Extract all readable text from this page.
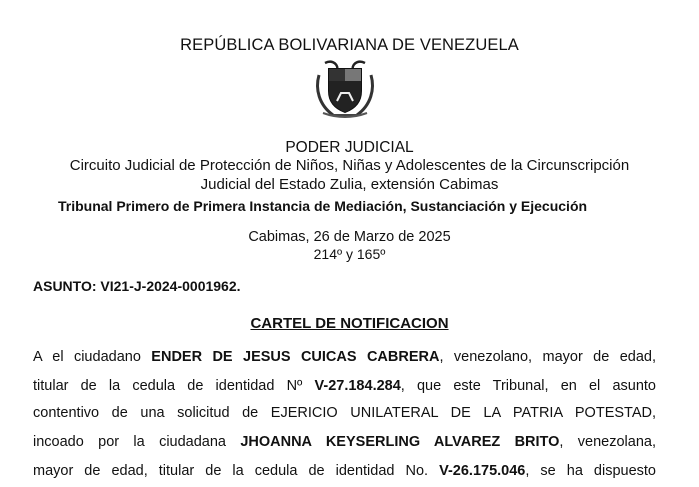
REPÚBLICA BOLIVARIANA DE VENEZUELA
PODER JUDICIAL
Circuito Judicial de Protección de Niños, Niñas y Adolescentes de la Circunscripción
Judicial del Estado Zulia, extensión Cabimas
Tribunal Primero de Primera Instancia de Mediación, Sustanciación y Ejecución
Cabimas, 26 de Marzo de 2025
214º y 165º
ASUNTO: VI21-J-2024-0001962.
CARTEL DE NOTIFICACION
A el ciudadano ENDER DE JESUS CUICAS CABRERA, venezolano, mayor de edad,
titular de la cedula de identidad Nº V-27.184.284, que este Tribunal, en el asunto
contentivo de una solicitud de EJERICIO UNILATERAL DE LA PATRIA POTESTAD,
incoado por la ciudadana JHOANNA KEYSERLING ALVAREZ BRITO, venezolana,
mayor de edad, titular de la cedula de identidad No. V-26.175.046, se ha dispuesto
